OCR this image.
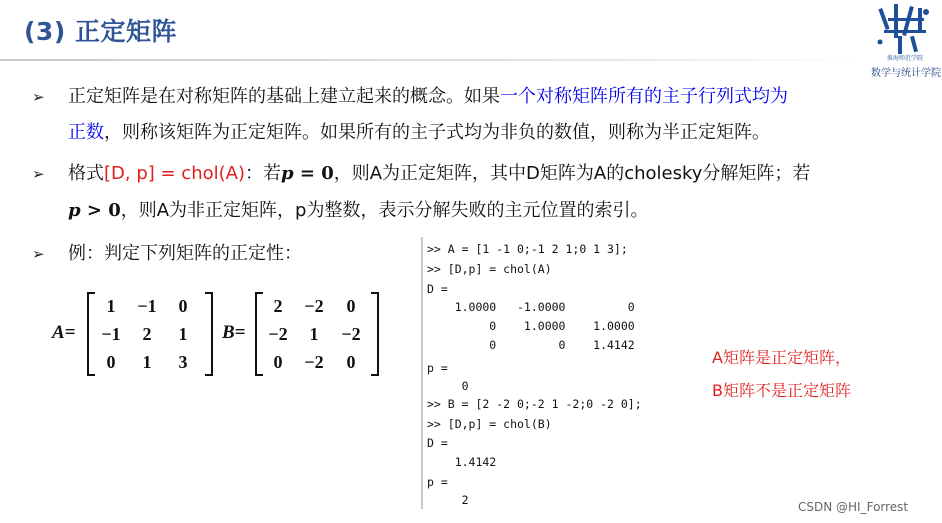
(3) 正定矩阵
淮海师范学院
数学与统计学院
➢ 正定矩阵是在对称矩阵的基础上建立起来的概念。如果一个对称矩阵所有的主子行列式均为
正数，则称该矩阵为正定矩阵。如果所有的主子式均为非负的数值，则称为半正定矩阵。
➢ 格式[D, p] = chol(A)：若p = 0，则A为正定矩阵，其中D矩阵为A的cholesky分解矩阵；若
p > 0，则A为非正定矩阵，p为整数，表示分解失败的主元位置的索引。
➢ 例：判定下列矩阵的正定性：
A=
1	−1	0
−1	2	1
0	1	3
B=
2	−2	0
−2	1	−2
0	−2	0
>> A = [1 -1 0;-1 2 1;0 1 3];
>> [D,p] = chol(A)
D =
1.0000   -1.0000         0
0    1.0000    1.0000
0         0    1.4142
p =
0
>> B = [2 -2 0;-2 1 -2;0 -2 0];
>> [D,p] = chol(B)
D =
1.4142
p =
2
A矩阵是正定矩阵，
B矩阵不是正定矩阵
CSDN @HI_Forrest
